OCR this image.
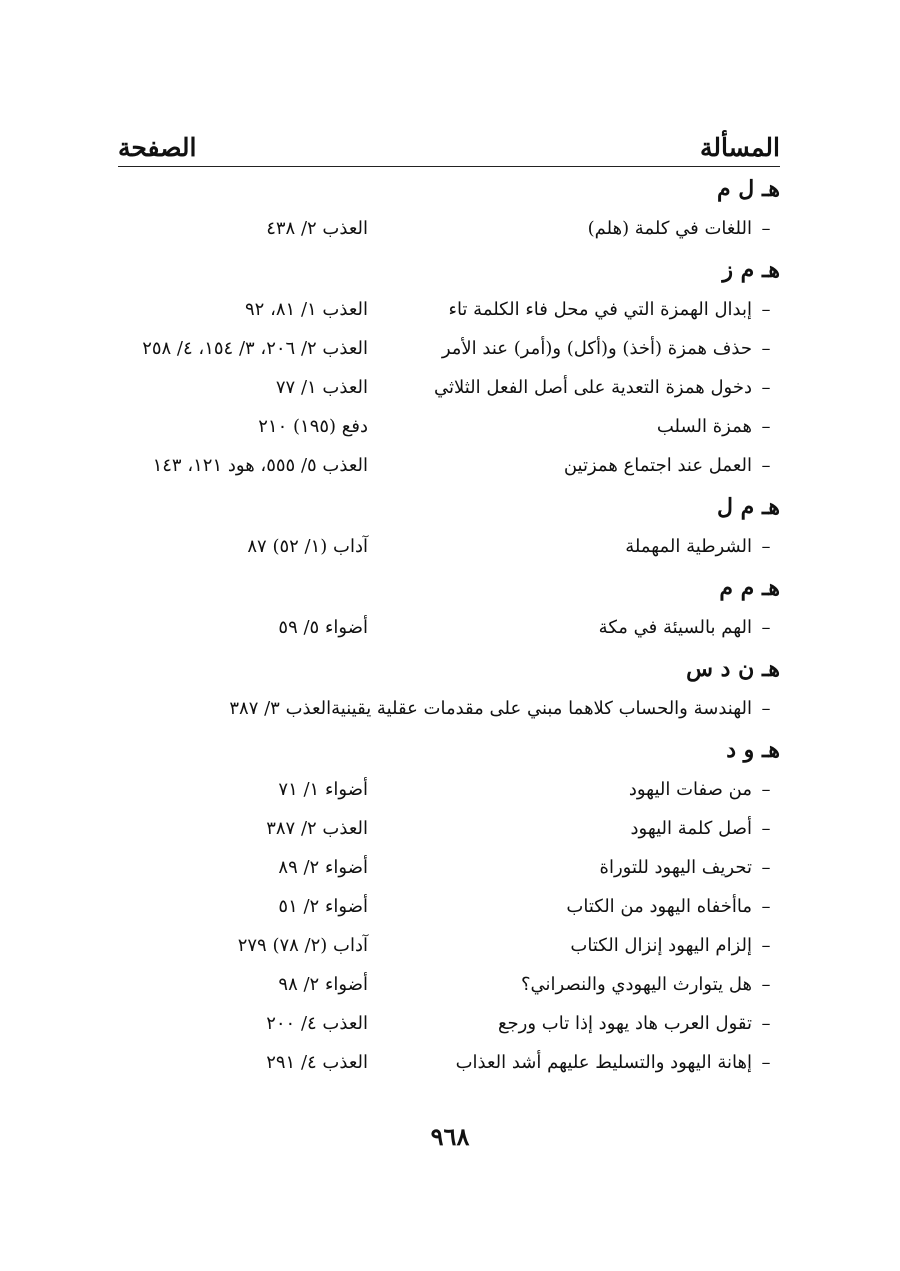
المسألة
الصفحة
هـ ل م
–
اللغات في كلمة (هلم)
العذب ٢/ ٤٣٨
هـ م ز
–
إبدال الهمزة التي في محل فاء الكلمة تاء
العذب ١/ ٨١، ٩٢
–
حذف همزة (أخذ) و(أكل) و(أمر) عند الأمر
العذب ٢/ ٢٠٦، ٣/ ١٥٤، ٤/ ٢٥٨
–
دخول همزة التعدية على أصل الفعل الثلاثي
العذب ١/ ٧٧
–
همزة السلب
دفع (١٩٥) ٢١٠
–
العمل عند اجتماع همزتين
العذب ٥/ ٥٥٥، هود ١٢١، ١٤٣
هـ م ل
–
الشرطية المهملة
آداب (١/ ٥٢) ٨٧
هـ م م
–
الهم بالسيئة في مكة
أضواء ٥/ ٥٩
هـ ن د س
–
الهندسة والحساب كلاهما مبني على مقدمات عقلية يقينية
العذب ٣/ ٣٨٧
هـ و د
–
من صفات اليهود
أضواء ١/ ٧١
–
أصل كلمة اليهود
العذب ٢/ ٣٨٧
–
تحريف اليهود للتوراة
أضواء ٢/ ٨٩
–
ماأخفاه اليهود من الكتاب
أضواء ٢/ ٥١
–
إلزام اليهود إنزال الكتاب
آداب (٢/ ٧٨) ٢٧٩
–
هل يتوارث اليهودي والنصراني؟
أضواء ٢/ ٩٨
–
تقول العرب هاد يهود إذا تاب ورجع
العذب ٤/ ٢٠٠
–
إهانة اليهود والتسليط عليهم أشد العذاب
العذب ٤/ ٢٩١
٩٦٨
